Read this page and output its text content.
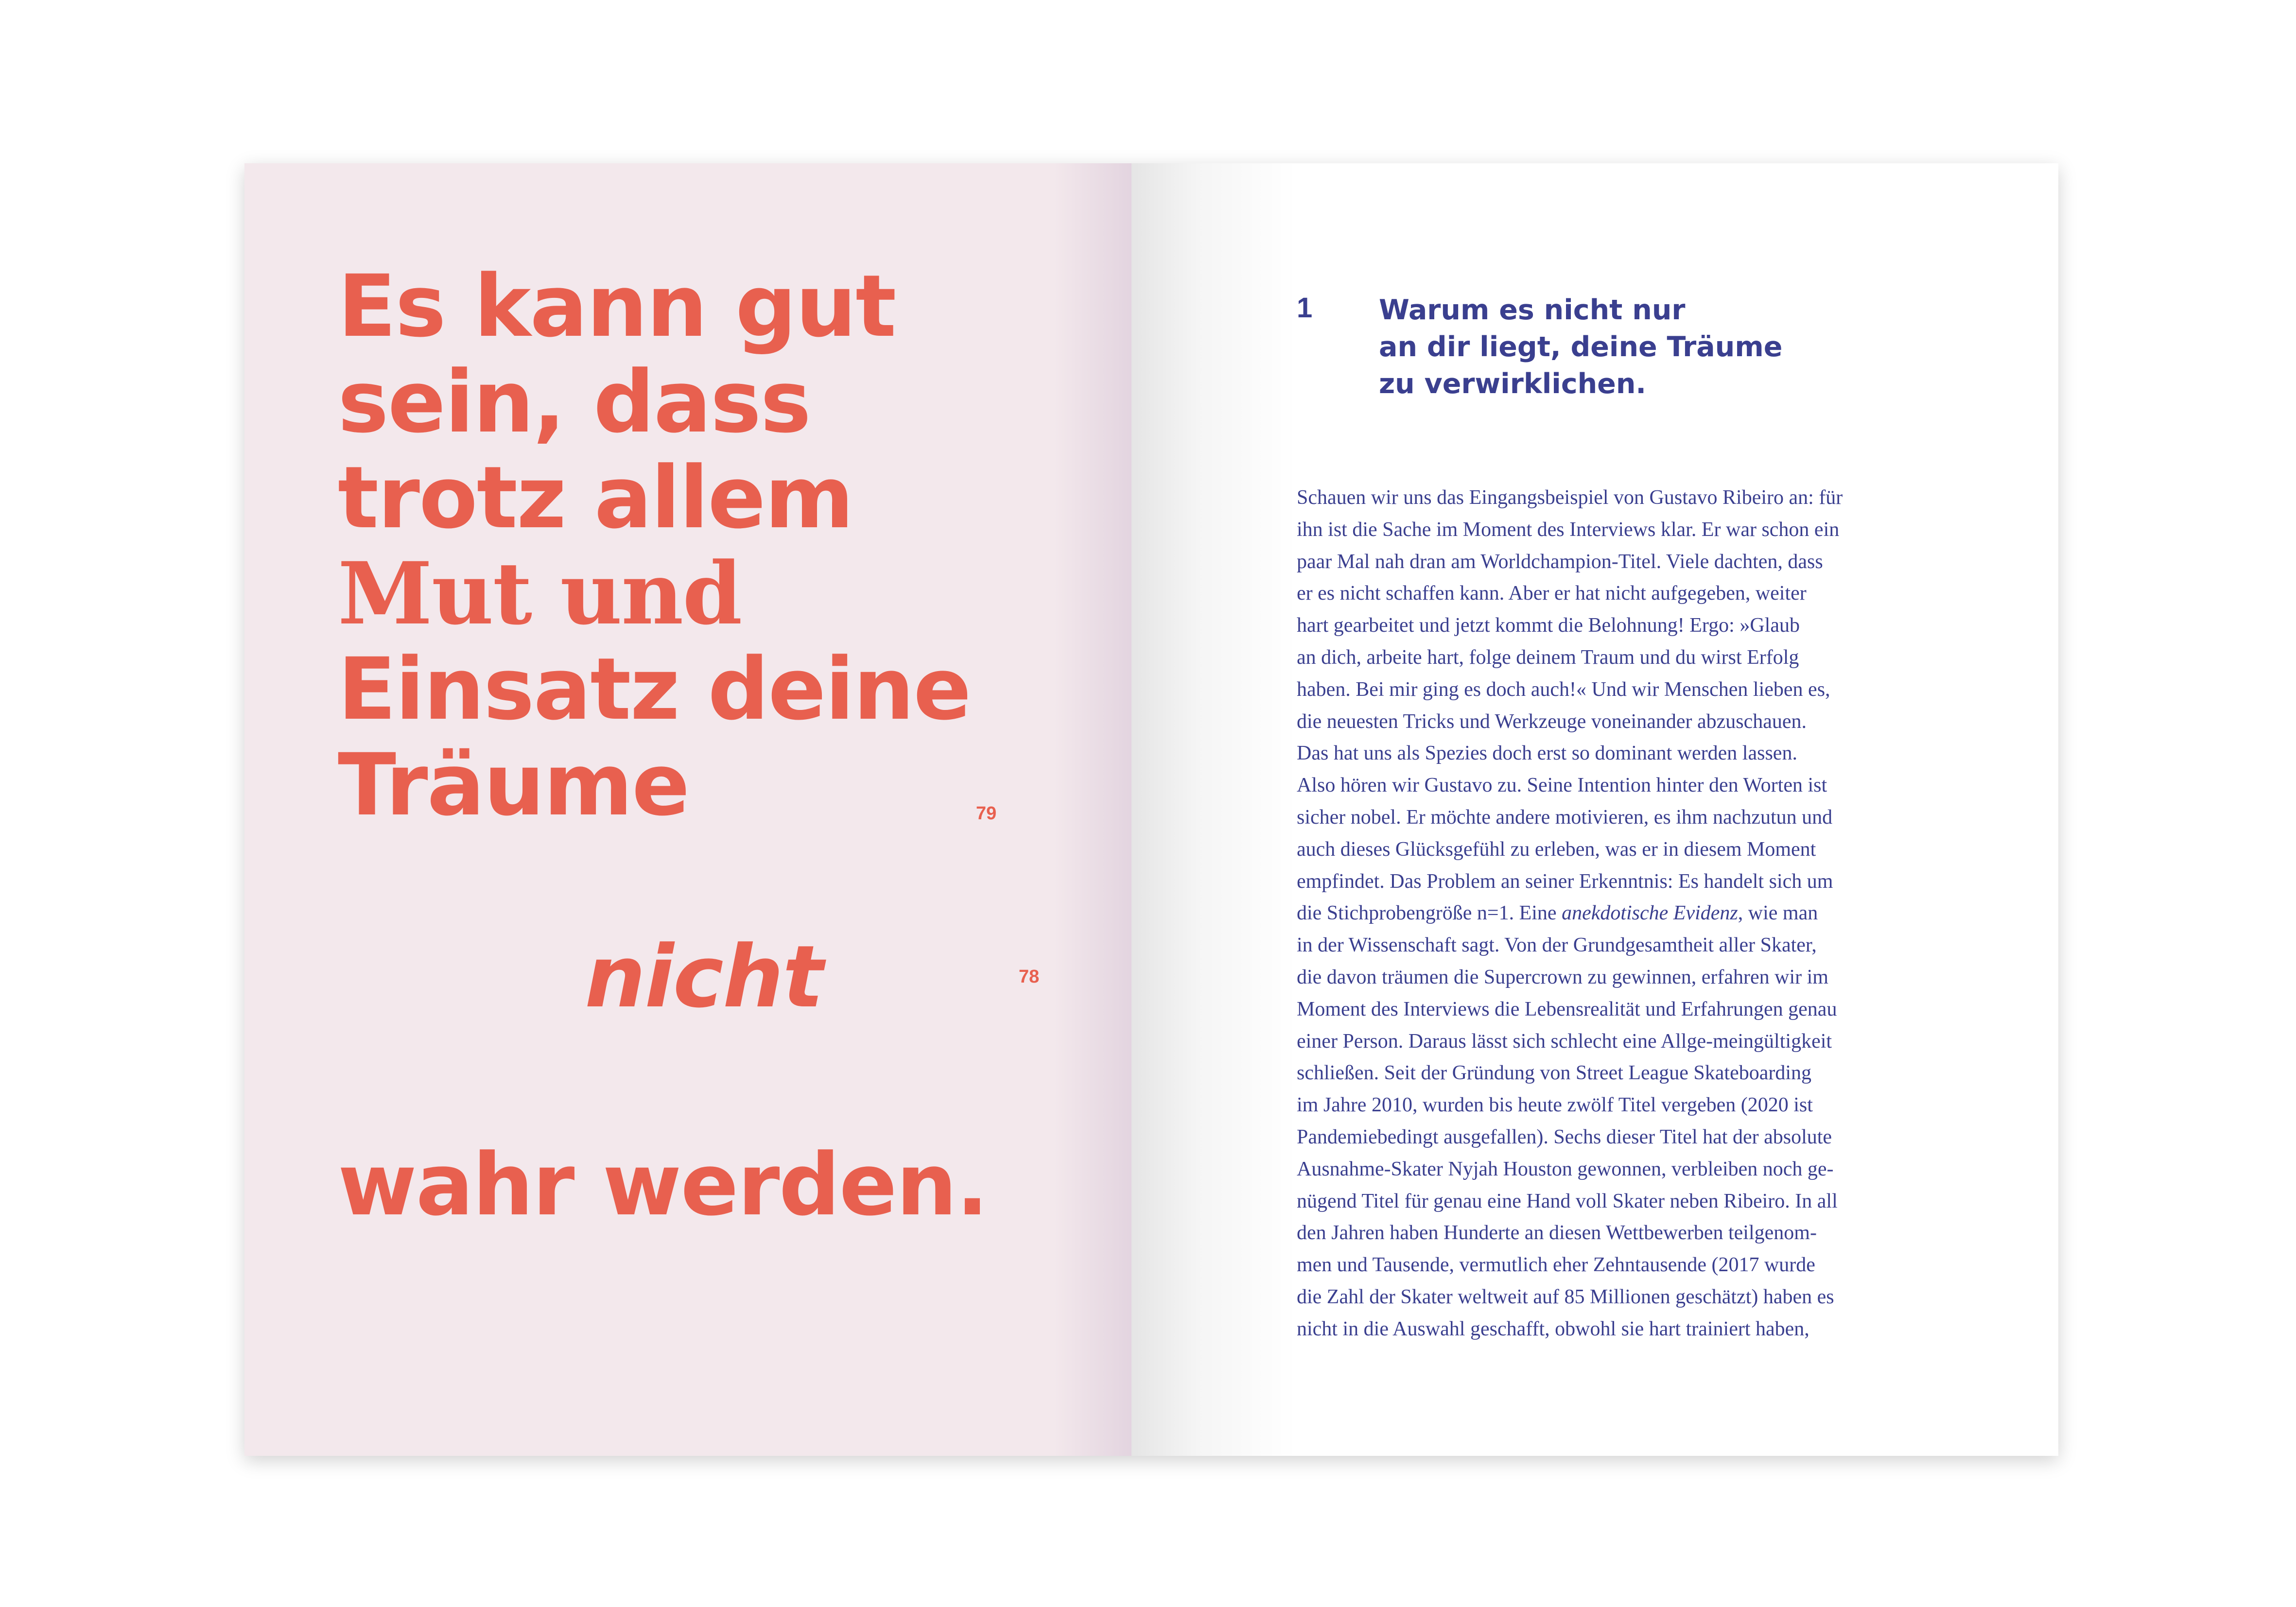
Es kann gut
sein, dass
trotz allem
Mut und
Einsatz deine
Träume
nicht
wahr werden.
78
79
1 Warum es nicht nur
an dir liegt, deine Träume
zu verwirklichen.
Schauen wir uns das Eingangsbeispiel von Gustavo Ribeiro an: für
ihn ist die Sache im Moment des Interviews klar. Er war schon ein
paar Mal nah dran am Worldchampion-Titel. Viele dachten, dass
er es nicht schaffen kann. Aber er hat nicht aufgegeben, weiter
hart gearbeitet und jetzt kommt die Belohnung! Ergo: »Glaub
an dich, arbeite hart, folge deinem Traum und du wirst Erfolg
haben. Bei mir ging es doch auch!« Und wir Menschen lieben es,
die neuesten Tricks und Werkzeuge voneinander abzuschauen.
Das hat uns als Spezies doch erst so dominant werden lassen.
Also hören wir Gustavo zu. Seine Intention hinter den Worten ist
sicher nobel. Er möchte andere motivieren, es ihm nachzutun und
auch dieses Glücksgefühl zu erleben, was er in diesem Moment
empfindet. Das Problem an seiner Erkenntnis: Es handelt sich um
die Stichprobengröße n=1. Eine anekdotische Evidenz, wie man
in der Wissenschaft sagt. Von der Grundgesamtheit aller Skater,
die davon träumen die Supercrown zu gewinnen, erfahren wir im
Moment des Interviews die Lebensrealität und Erfahrungen genau
einer Person. Daraus lässt sich schlecht eine Allge-meingültigkeit
schließen. Seit der Gründung von Street League Skateboarding
im Jahre 2010, wurden bis heute zwölf Titel vergeben (2020 ist
Pandemiebedingt ausgefallen). Sechs dieser Titel hat der absolute
Ausnahme-Skater Nyjah Houston gewonnen, verbleiben noch ge-
nügend Titel für genau eine Hand voll Skater neben Ribeiro. In all
den Jahren haben Hunderte an diesen Wettbewerben teilgenom-
men und Tausende, vermutlich eher Zehntausende (2017 wurde
die Zahl der Skater weltweit auf 85 Millionen geschätzt) haben es
nicht in die Auswahl geschafft, obwohl sie hart trainiert haben,
